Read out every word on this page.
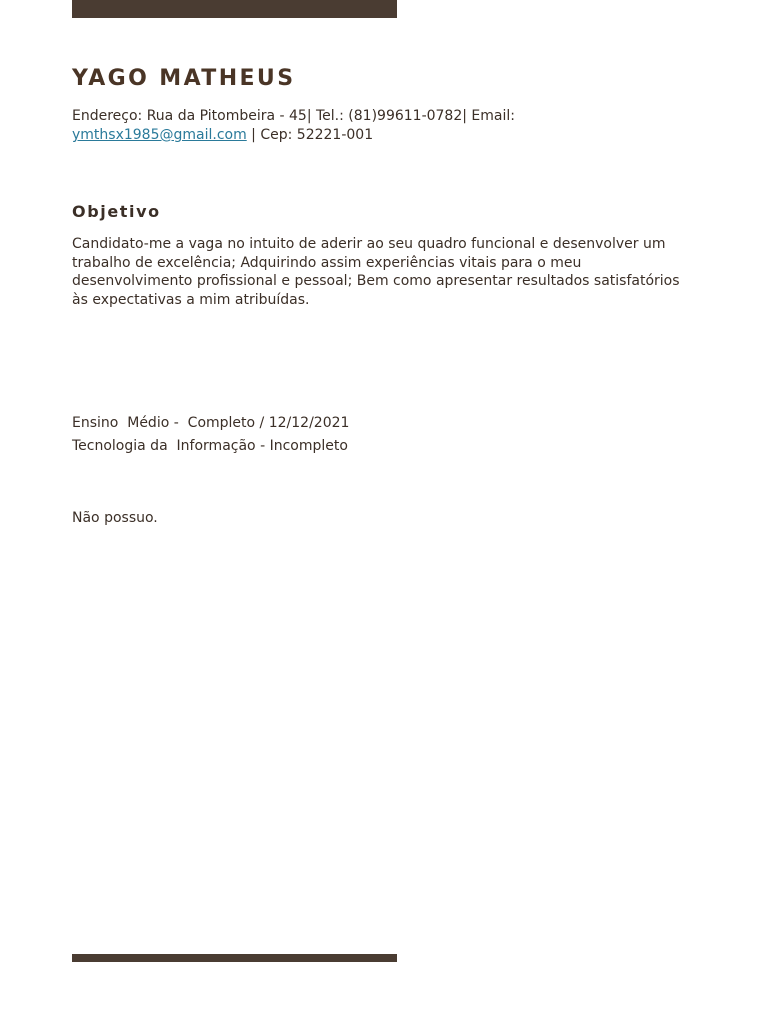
YAGO MATHEUS

Endereço: Rua da Pitombeira - 45| Tel.: (81)99611-0782| Email:
ymthsx1985@gmail.com | Cep: 52221-001

Objetivo

Candidato-me a vaga no intuito de aderir ao seu quadro funcional e desenvolver um trabalho de excelência; Adquirindo assim experiências vitais para o meu desenvolvimento profissional e pessoal; Bem como apresentar resultados satisfatórios às expectativas a mim atribuídas.

Ensino  Médio -  Completo / 12/12/2021

Tecnologia da  Informação - Incompleto

Não possuo.
